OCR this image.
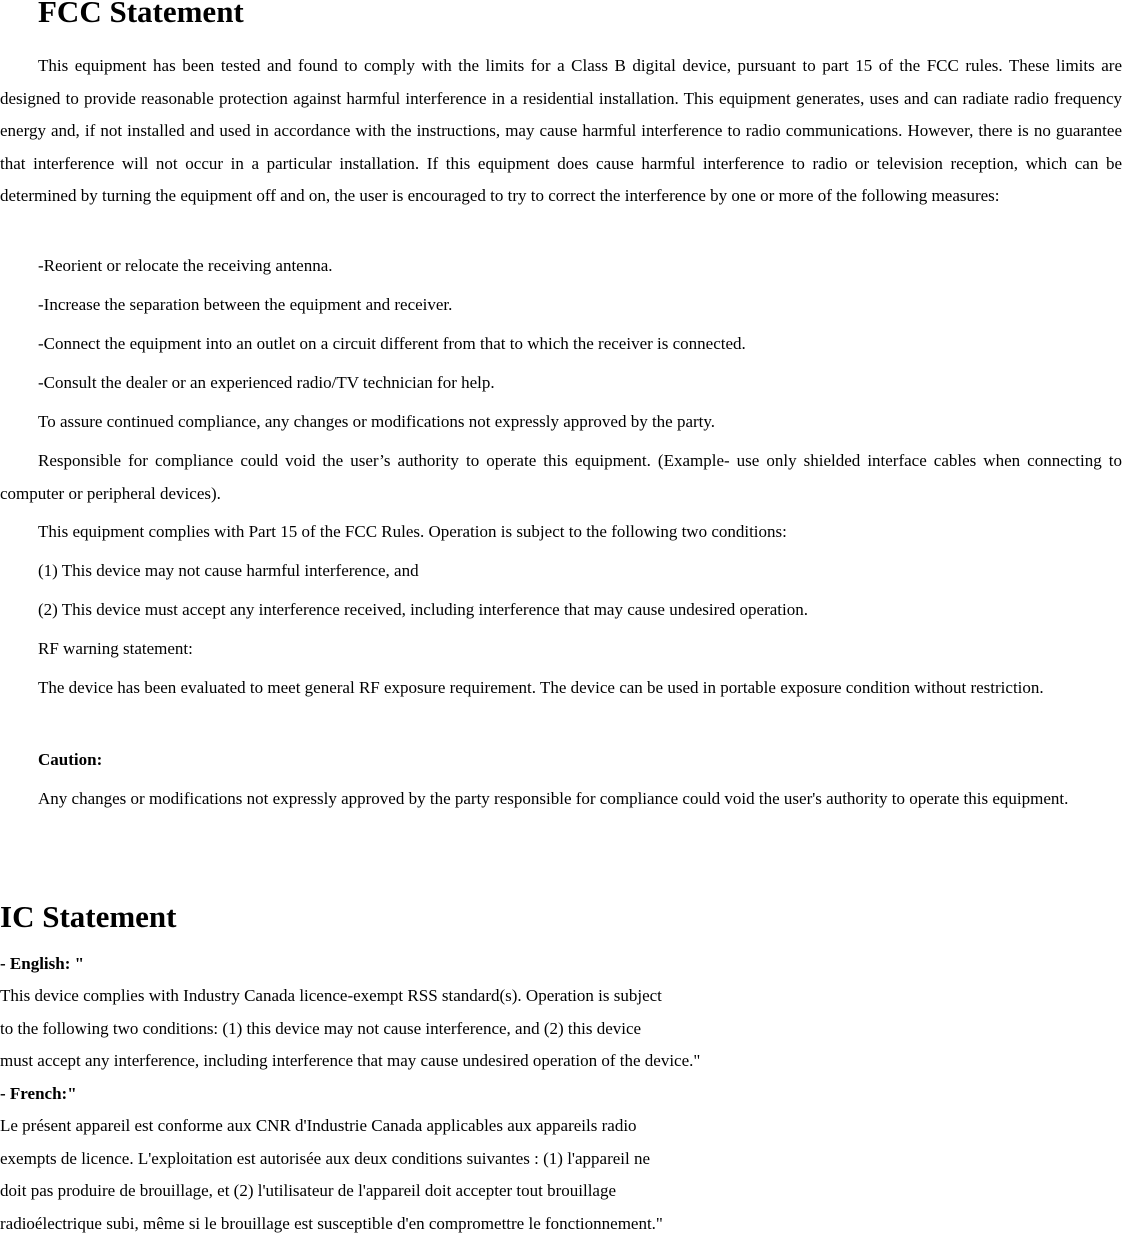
FCC Statement

This equipment has been tested and found to comply with the limits for a Class B digital device, pursuant to part 15 of the FCC rules. These limits are designed to provide reasonable protection against harmful interference in a residential installation. This equipment generates, uses and can radiate radio frequency energy and, if not installed and used in accordance with the instructions, may cause harmful interference to radio communications. However, there is no guarantee that interference will not occur in a particular installation. If this equipment does cause harmful interference to radio or television reception, which can be determined by turning the equipment off and on, the user is encouraged to try to correct the interference by one or more of the following measures:

-Reorient or relocate the receiving antenna.

-Increase the separation between the equipment and receiver.

-Connect the equipment into an outlet on a circuit different from that to which the receiver is connected.

-Consult the dealer or an experienced radio/TV technician for help.

To assure continued compliance, any changes or modifications not expressly approved by the party.

Responsible for compliance could void the user’s authority to operate this equipment. (Example- use only shielded interface cables when connecting to computer or peripheral devices).

This equipment complies with Part 15 of the FCC Rules. Operation is subject to the following two conditions:

(1) This device may not cause harmful interference, and

(2) This device must accept any interference received, including interference that may cause undesired operation.

RF warning statement:

The device has been evaluated to meet general RF exposure requirement. The device can be used in portable exposure condition without restriction.

Caution:

Any changes or modifications not expressly approved by the party responsible for compliance could void the user's authority to operate this equipment.

IC Statement

- English: "

This device complies with Industry Canada licence-exempt RSS standard(s). Operation is subject

to the following two conditions: (1) this device may not cause interference, and (2) this device

must accept any interference, including interference that may cause undesired operation of the device."

- French:"

Le présent appareil est conforme aux CNR d'Industrie Canada applicables aux appareils radio

exempts de licence. L'exploitation est autorisée aux deux conditions suivantes : (1) l'appareil ne

doit pas produire de brouillage, et (2) l'utilisateur de l'appareil doit accepter tout brouillage

radioélectrique subi, même si le brouillage est susceptible d'en compromettre le fonctionnement."
